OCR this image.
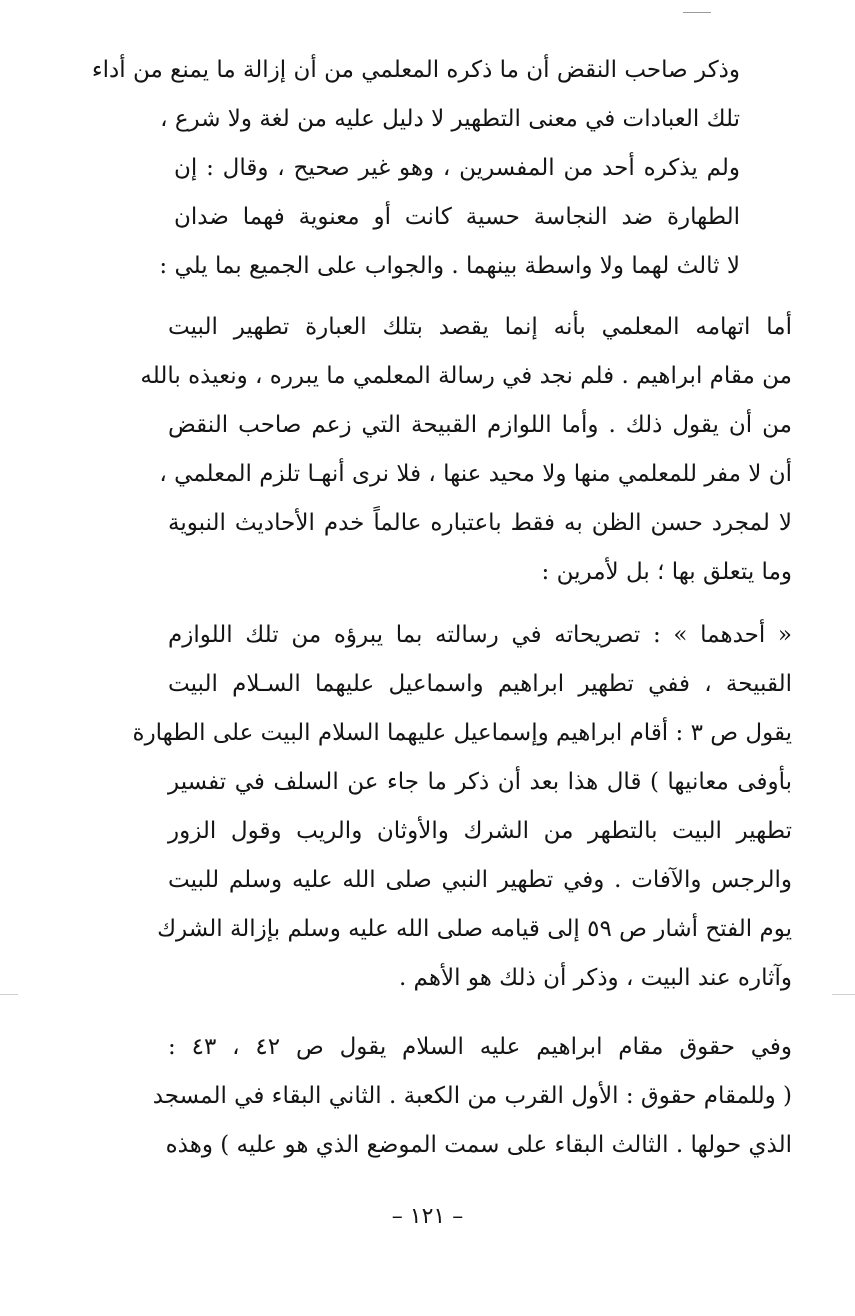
وذكر صاحب النقض أن ما ذكره المعلمي من أن إزالة ما يمنع من أداء
تلك العبادات في معنى التطهير لا دليل عليه من لغة ولا شرع ،
ولم يذكره أحد من المفسرين ، وهو غير صحيح ، وقال : إن
الطهارة ضد النجاسة حسية كانت أو معنوية فهما ضدان
لا ثالث لهما ولا واسطة بينهما . والجواب على الجميع بما يلي :
أما اتهامه المعلمي بأنه إنما يقصد بتلك العبارة تطهير البيت
من مقام ابراهيم . فلم نجد في رسالة المعلمي ما يبرره ، ونعيذه بالله
من أن يقول ذلك . وأما اللوازم القبيحة التي زعم صاحب النقض
أن لا مفر للمعلمي منها ولا محيد عنها ، فلا نرى أنهـا تلزم المعلمي ،
لا لمجرد حسن الظن به فقط باعتباره عالماً خدم الأحاديث النبوية
وما يتعلق بها ؛ بل لأمرين :
« أحدهما » : تصريحاته في رسالته بما يبرؤه من تلك اللوازم
القبيحة ، ففي تطهير ابراهيم واسماعيل عليهما السـلام البيت
يقول ص ٣ : أقام ابراهيم وإسماعيل عليهما السلام البيت على الطهارة
بأوفى معانيها ) قال هذا بعد أن ذكر ما جاء عن السلف في تفسير
تطهير البيت بالتطهر من الشرك والأوثان والريب وقول الزور
والرجس والآفات . وفي تطهير النبي صلى الله عليه وسلم للبيت
يوم الفتح أشار ص ٥٩ إلى قيامه صلى الله عليه وسلم بإزالة الشرك
وآثاره عند البيت ، وذكر أن ذلك هو الأهم .
وفي حقوق مقام ابراهيم عليه السلام يقول ص ٤٢ ، ٤٣ :
( وللمقام حقوق : الأول القرب من الكعبة . الثاني البقاء في المسجد
الذي حولها . الثالث البقاء على سمت الموضع الذي هو عليه ) وهذه
– ١٢١ –
